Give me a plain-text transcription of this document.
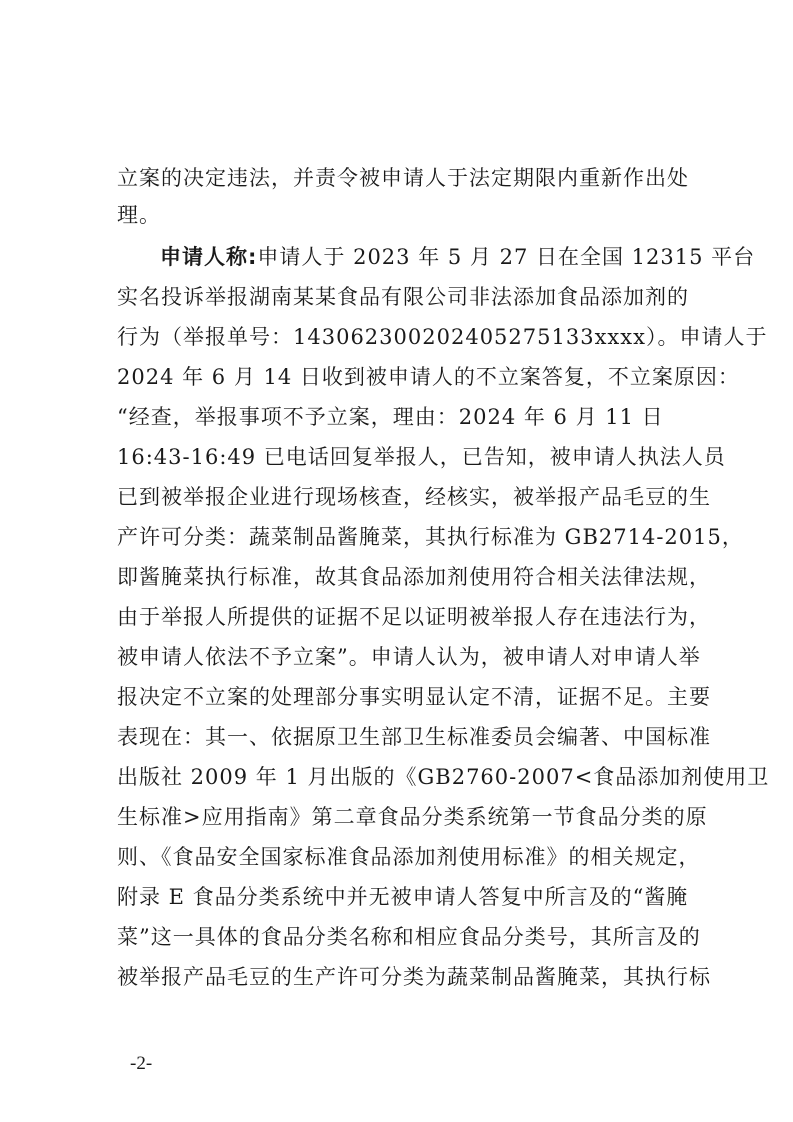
立案的决定违法，并责令被申请人于法定期限内重新作出处
理。
申请人称:申请人于 2023 年 5 月 27 日在全国 12315 平台
实名投诉举报湖南某某食品有限公司非法添加食品添加剂的
行为（举报单号：1430623002024052751​33xxxx）。申请人于
2024 年 6 月 14 日收到被申请人的不立案答复，不立案原因：
“经查，举报事项不予立案，理由：2024 年 6 月 11 日
16:43-16:49 已电话回复举报人，已告知，被申请人执法人员
已到被举报企业进行现场核查，经核实，被举报产品毛豆的生
产许可分类：蔬菜制品酱腌菜，其执行标准为 GB2714-2015，
即酱腌菜执行标准，故其食品添加剂使用符合相关法律法规，
由于举报人所提供的证据不足以证明被举报人存在违法行为，
被申请人依法不予立案”。申请人认为，被申请人对申请人举
报决定不立案的处理部分事实明显认定不清，证据不足。主要
表现在：其一、依据原卫生部卫生标准委员会编著、中国标准
出版社 2009 年 1 月出版的《GB2760-2007<食品添加剂使用卫
生标准>应用指南》第二章食品分类系统第一节食品分类的原
则、《食品安全国家标准食品添加剂使用标准》的相关规定，
附录 E 食品分类系统中并无被申请人答复中所言及的“酱腌
菜”这一具体的食品分类名称和相应食品分类号，其所言及的
被举报产品毛豆的生产许可分类为蔬菜制品酱腌菜，其执行标
-2-
